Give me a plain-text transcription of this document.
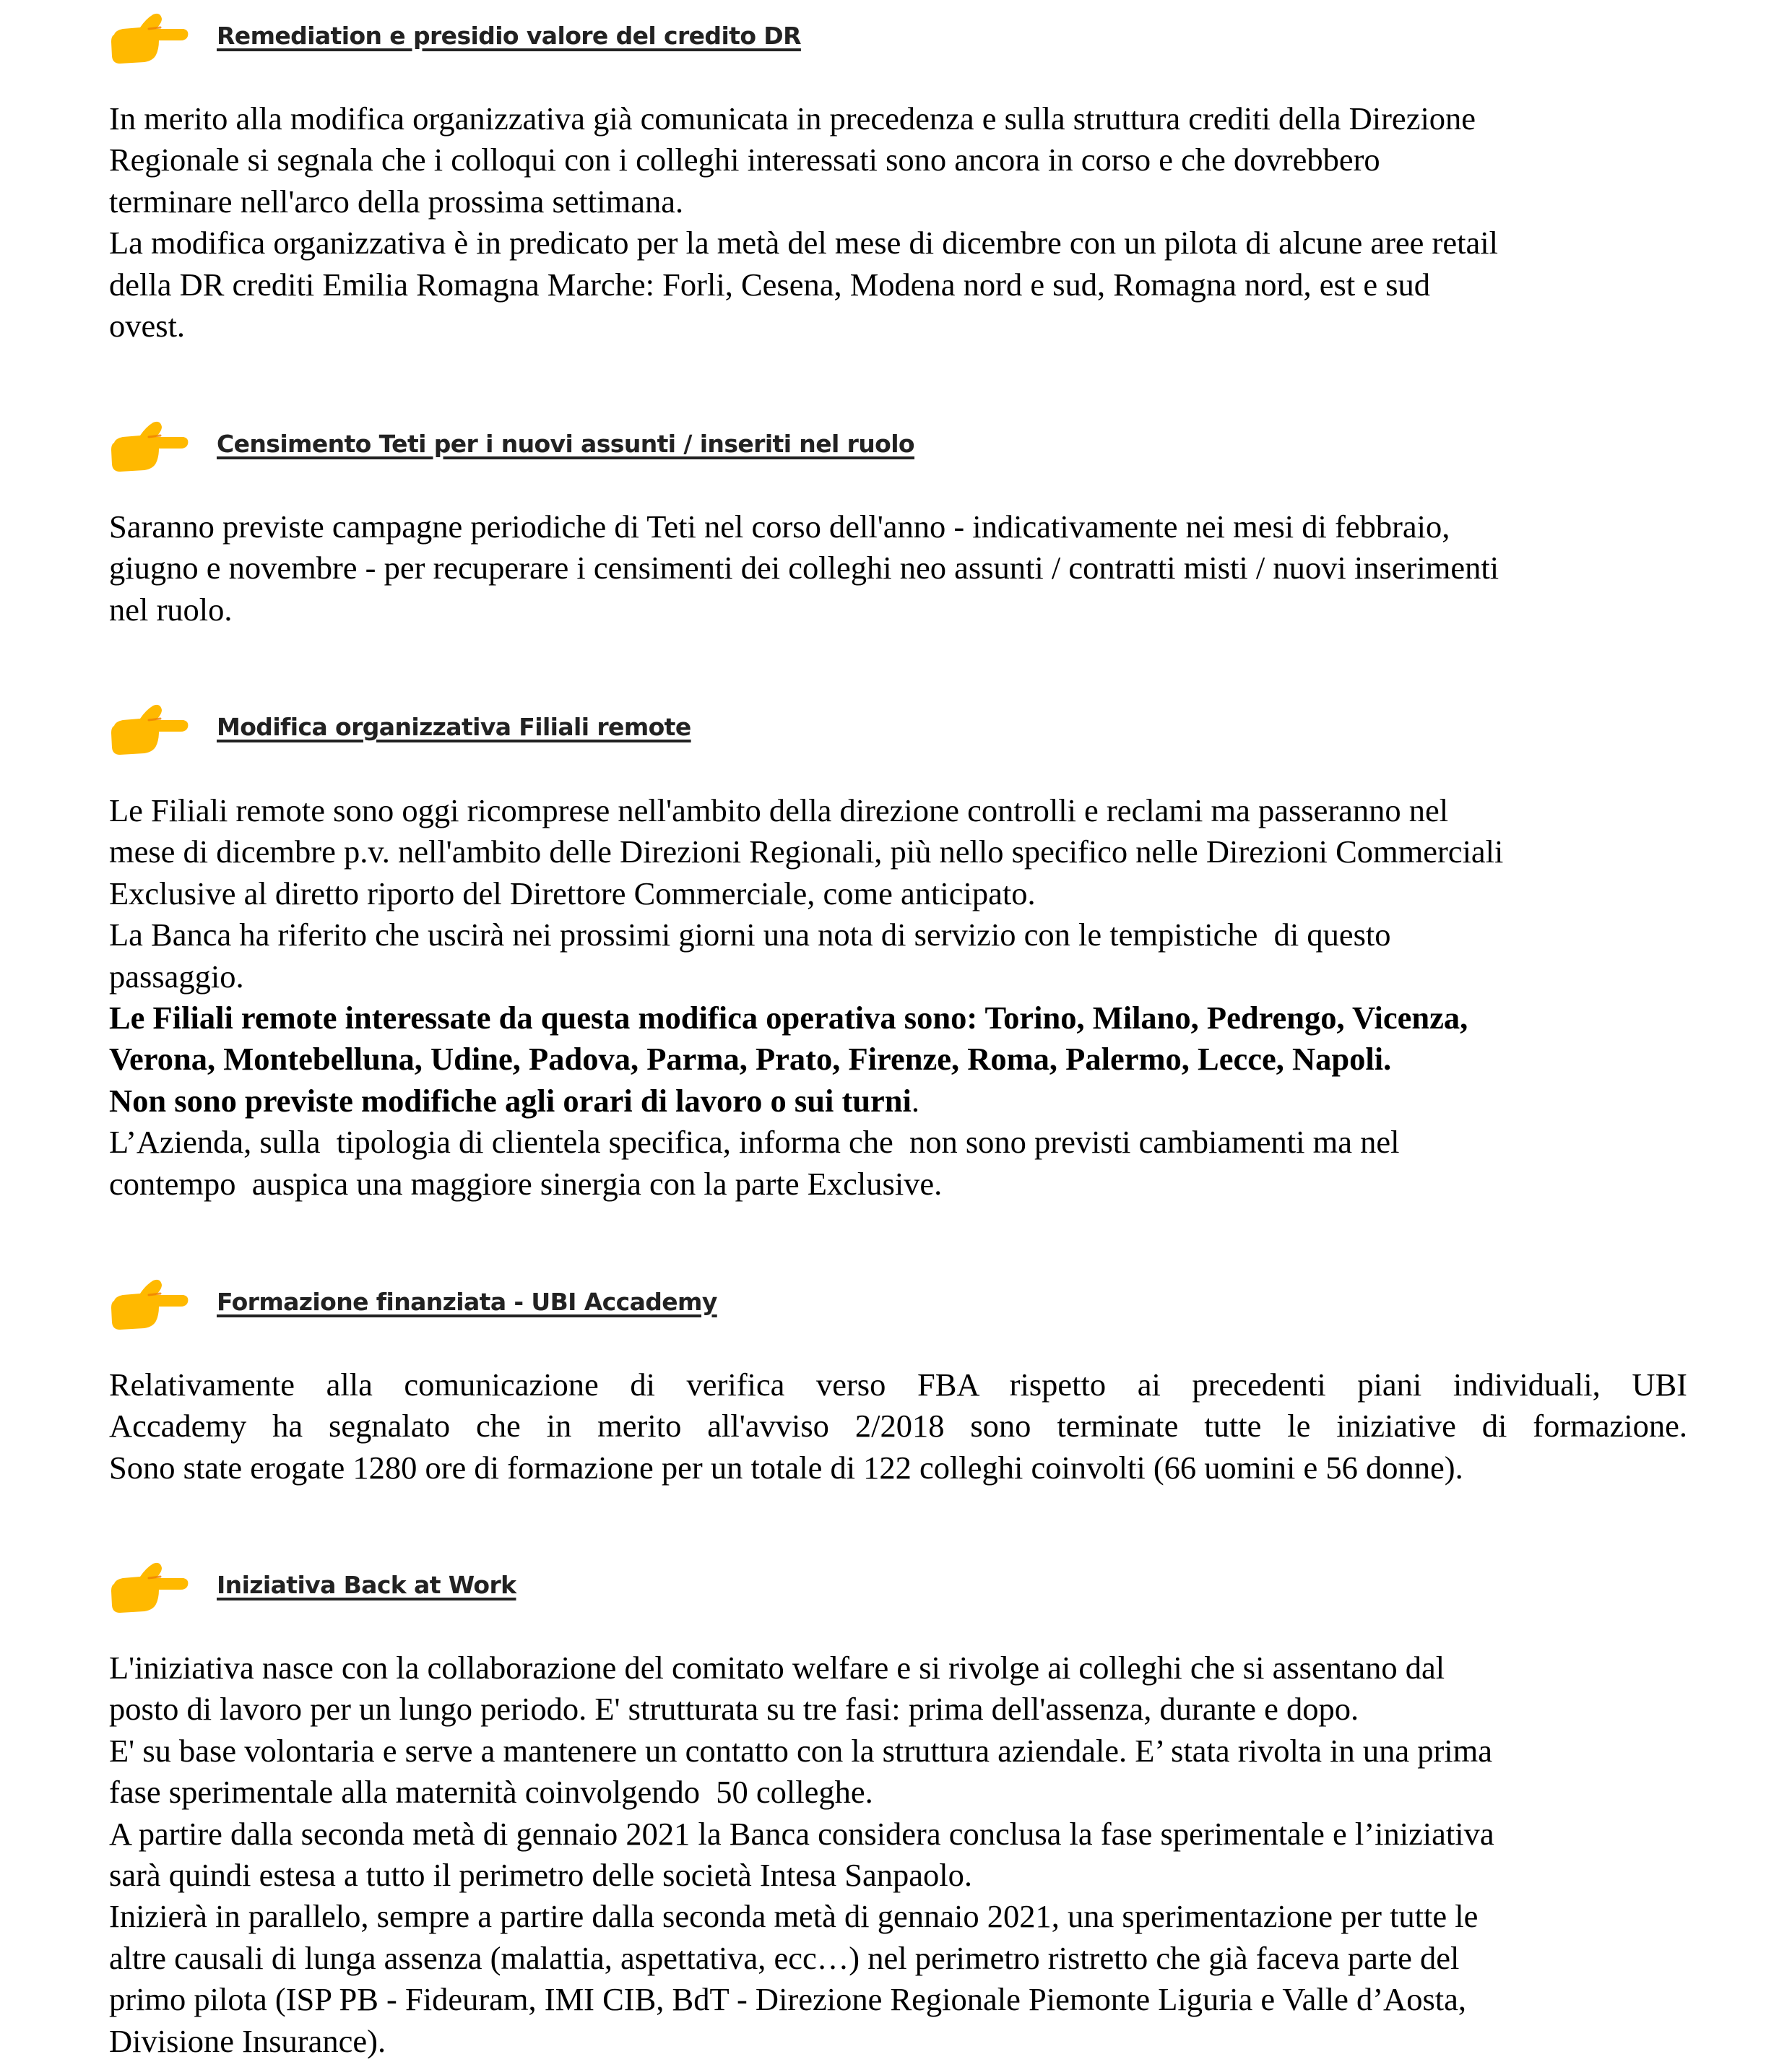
Remediation e presidio valore del credito DR
In merito alla modifica organizzativa già comunicata in precedenza e sulla struttura crediti della Direzione
Regionale si segnala che i colloqui con i colleghi interessati sono ancora in corso e che dovrebbero
terminare nell'arco della prossima settimana.
La modifica organizzativa è in predicato per la metà del mese di dicembre con un pilota di alcune aree retail
della DR crediti Emilia Romagna Marche: Forli, Cesena, Modena nord e sud, Romagna nord, est e sud
ovest.
Censimento Teti per i nuovi assunti / inseriti nel ruolo
Saranno previste campagne periodiche di Teti nel corso dell'anno - indicativamente nei mesi di febbraio,
giugno e novembre - per recuperare i censimenti dei colleghi neo assunti / contratti misti / nuovi inserimenti
nel ruolo.
Modifica organizzativa Filiali remote
Le Filiali remote sono oggi ricomprese nell'ambito della direzione controlli e reclami ma passeranno nel
mese di dicembre p.v. nell'ambito delle Direzioni Regionali, più nello specifico nelle Direzioni Commerciali
Exclusive al diretto riporto del Direttore Commerciale, come anticipato.
La Banca ha riferito che uscirà nei prossimi giorni una nota di servizio con le tempistiche  di questo
passaggio.
Le Filiali remote interessate da questa modifica operativa sono: Torino, Milano, Pedrengo, Vicenza,
Verona, Montebelluna, Udine, Padova, Parma, Prato, Firenze, Roma, Palermo, Lecce, Napoli.
Non sono previste modifiche agli orari di lavoro o sui turni.
L’Azienda, sulla  tipologia di clientela specifica, informa che  non sono previsti cambiamenti ma nel
contempo  auspica una maggiore sinergia con la parte Exclusive.
Formazione finanziata - UBI Accademy
Relativamente alla comunicazione di verifica verso FBA rispetto ai precedenti piani individuali, UBI
Accademy ha segnalato che in merito all'avviso 2/2018 sono terminate tutte le iniziative di formazione.
Sono state erogate 1280 ore di formazione per un totale di 122 colleghi coinvolti (66 uomini e 56 donne).
Iniziativa Back at Work
L'iniziativa nasce con la collaborazione del comitato welfare e si rivolge ai colleghi che si assentano dal
posto di lavoro per un lungo periodo. E' strutturata su tre fasi: prima dell'assenza, durante e dopo.
E' su base volontaria e serve a mantenere un contatto con la struttura aziendale. E’ stata rivolta in una prima
fase sperimentale alla maternità coinvolgendo  50 colleghe.
A partire dalla seconda metà di gennaio 2021 la Banca considera conclusa la fase sperimentale e l’iniziativa
sarà quindi estesa a tutto il perimetro delle società Intesa Sanpaolo.
Inizierà in parallelo, sempre a partire dalla seconda metà di gennaio 2021, una sperimentazione per tutte le
altre causali di lunga assenza (malattia, aspettativa, ecc…) nel perimetro ristretto che già faceva parte del
primo pilota (ISP PB - Fideuram, IMI CIB, BdT - Direzione Regionale Piemonte Liguria e Valle d’Aosta,
Divisione Insurance).
